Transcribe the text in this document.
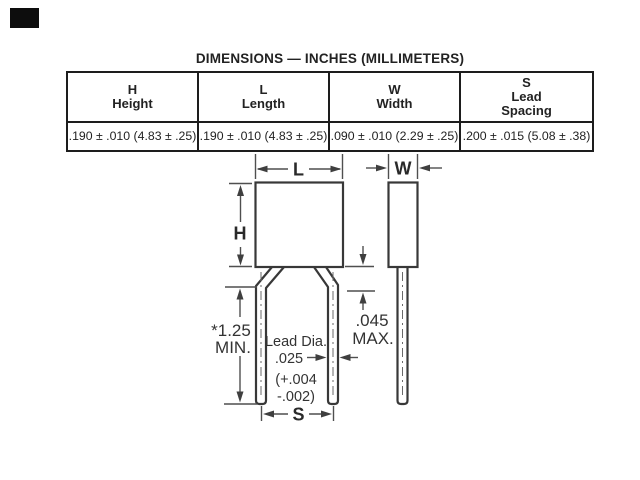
DIMENSIONS — INCHES (MILLIMETERS)
H
Height
L
Length
W
Width
S
Lead
Spacing
.190 ± .010 (4.83 ± .25) .190 ± .010 (4.83 ± .25) .090 ± .010 (2.29 ± .25) .200 ± .015 (5.08 ± .38)
L	W
H
*1.25
MIN.
.045
MAX.
Lead Dia.
.025
(+.004
-.002)
S
